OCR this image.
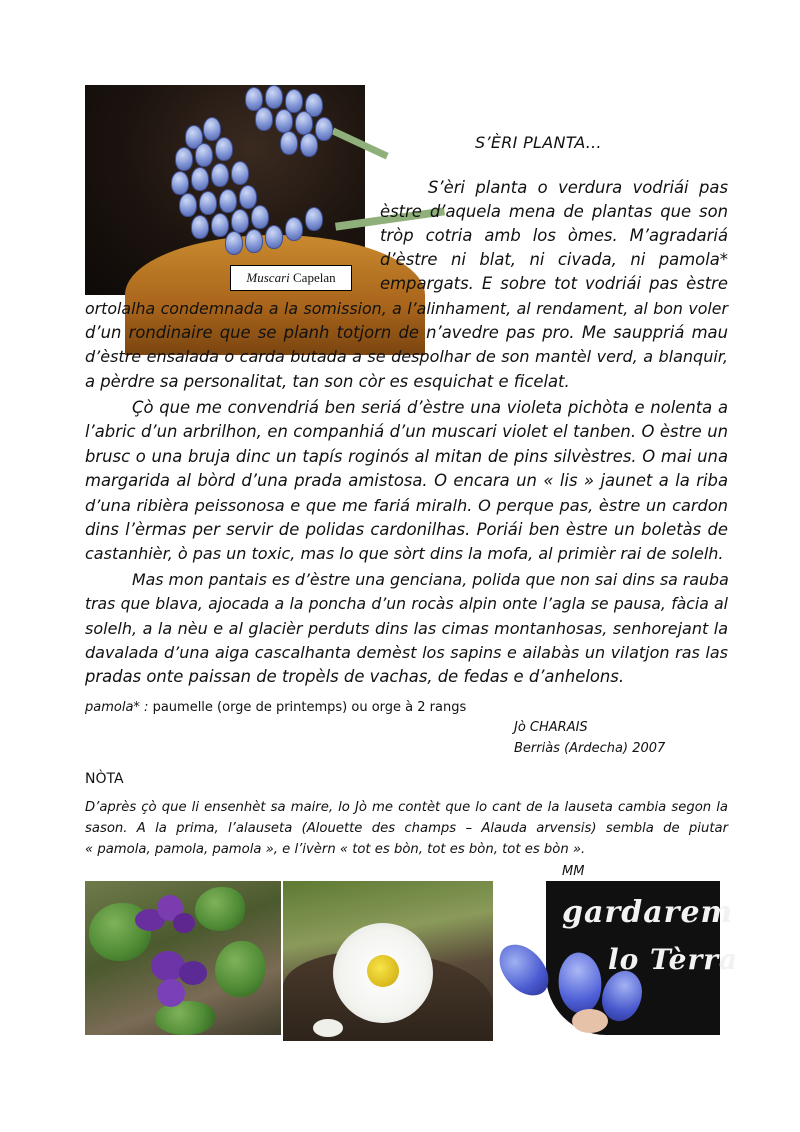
Muscari Capelan
S’ÈRI PLANTA…
S’èri planta o verdura vodriái pas
èstre d’aquela mena de plantas que son
tròp cotria amb los òmes. M’agradariá
d’èstre ni blat, ni civada, ni pamola*
empargats. E sobre tot vodriái pas èstre
ortolalha condemnada a la somission, a l’alinhament, al rendament, al bon voler
d’un rondinaire que se planh totjorn de n’avedre pas pro. Me sauppriá mau
d’èstre ensalada o carda butada a se despolhar de son mantèl verd, a blanquir,
a pèrdre sa personalitat, tan son còr es esquichat e ficelat.
Çò que me convendriá ben seriá d’èstre una violeta pichòta e nolenta a
l’abric d’un arbrilhon, en companhiá d’un muscari violet el tanben. O èstre un
brusc o una bruja dinc un tapís roginós al mitan de pins silvèstres. O mai una
margarida al bòrd d’una prada amistosa. O encara un « lis » jaunet a la riba
d’una ribièra peissonosa e que me fariá miralh. O perque pas, èstre un cardon
dins l’èrmas per servir de polidas cardonilhas. Poriái ben èstre un boletàs de
castanhièr, ò pas un toxic, mas lo que sòrt dins la mofa, al primièr rai de solelh.
Mas mon pantais es d’èstre una genciana, polida que non sai dins sa rauba
tras que blava, ajocada a la poncha d’un rocàs alpin onte l’agla se pausa, fàcia al
solelh, a la nèu e al glacièr perduts dins las cimas montanhosas, senhorejant la
davalada d’una aiga cascalhanta demèst los sapins e ailabàs un vilatjon ras las
pradas onte paissan de tropèls de vachas, de fedas e d’anhelons.
pamola* : paumelle (orge de printemps) ou orge à 2 rangs
Jò CHARAIS
Berriàs (Ardecha) 2007
NÒTA
D’après çò que li ensenhèt sa maire, lo Jò me contèt que lo cant de la lauseta cambia segon la
sason. A la prima, l’alauseta (Alouette des champs – Alauda arvensis) sembla de piutar
« pamola, pamola, pamola », e l’ivèrn « tot es bòn, tot es bòn, tot es bòn ».
MM
gardarem
lo Tèrra
